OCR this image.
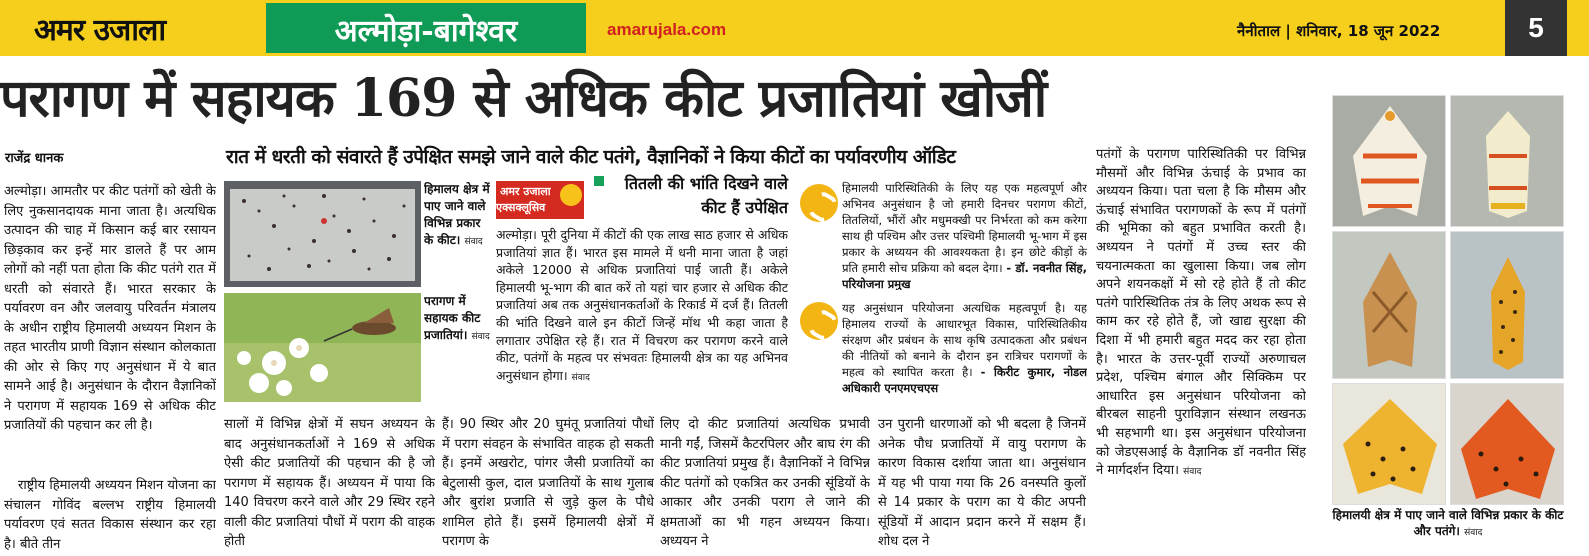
अमर उजाला	अल्मोड़ा-बागेश्वर	amarujala.com	नैनीताल | शनिवार, 18 जून 2022	5
परागण में सहायक 169 से अधिक कीट प्रजातियां खोजीं
राजेंद्र धानक	रात में धरती को संवारते हैं उपेक्षित समझे जाने वाले कीट पतंगे, वैज्ञानिकों ने किया कीटों का पर्यावरणीय ऑडिट
अल्मोड़ा। आमतौर पर कीट पतंगों को खेती के लिए नुकसानदायक माना जाता है। अत्यधिक उत्पादन की चाह में किसान कई बार रसायन छिड़काव कर इन्हें मार डालते हैं पर आम लोगों को नहीं पता होता कि कीट पतंगे रात में धरती को संवारते हैं। भारत सरकार के पर्यावरण वन और जलवायु परिवर्तन मंत्रालय के अधीन राष्ट्रीय हिमालयी अध्ययन मिशन के तहत भारतीय प्राणी विज्ञान संस्थान कोलकाता की ओर से किए गए अनुसंधान में ये बात सामने आई है। अनुसंधान के दौरान वैज्ञानिकों ने परागण में सहायक 169 से अधिक कीट प्रजातियों की पहचान कर ली है।
राष्ट्रीय हिमालयी अध्ययन मिशन योजना का संचालन गोविंद बल्लभ राष्ट्रीय हिमालयी पर्यावरण एवं सतत विकास संस्थान कर रहा है। बीते तीन
हिमालय क्षेत्र में पाए जाने वाले विभिन्न प्रकार के कीट। संवाद
परागण में सहायक कीट प्रजातियां। संवाद
अमर उजाला
एक्सक्लूसिव
तितली की भांति दिखने वाले कीट हैं उपेक्षित
अल्मोड़ा। पूरी दुनिया में कीटों की एक लाख साठ हजार से अधिक प्रजातियां ज्ञात हैं। भारत इस मामले में धनी माना जाता है जहां अकेले 12000 से अधिक प्रजातियां पाई जाती हैं। अकेले हिमालयी भू-भाग की बात करें तो यहां चार हजार से अधिक कीट प्रजातियां अब तक अनुसंधानकर्ताओं के रिकार्ड में दर्ज हैं। तितली की भांति दिखने वाले इन कीटों जिन्हें मॉथ भी कहा जाता है लगातार उपेक्षित रहे हैं। रात में विचरण कर परागण करने वाले कीट, पतंगों के महत्व पर संभवतः हिमालयी क्षेत्र का यह अभिनव अनुसंधान होगा। संवाद
हिमालयी पारिस्थितिकी के लिए यह एक महत्वपूर्ण और अभिनव अनुसंधान है जो हमारी दिनचर परागण कीटों, तितलियों, भौंरों और मधुमक्खी पर निर्भरता को कम करेगा साथ ही पश्चिम और उत्तर पश्चिमी हिमालयी भू-भाग में इस प्रकार के अध्ययन की आवश्यकता है। इन छोटे कीड़ों के प्रति हमारी सोच प्रक्रिया को बदल देगा। - डॉ. नवनीत सिंह, परियोजना प्रमुख
यह अनुसंधान परियोजना अत्यधिक महत्वपूर्ण है। यह हिमालय राज्यों के आधारभूत विकास, पारिस्थितिकीय संरक्षण और प्रबंधन के साथ कृषि उत्पादकता और प्रबंधन की नीतियों को बनाने के दौरान इन रात्रिचर परागणों के महत्व को स्थापित करता है। - किरीट कुमार, नोडल अधिकारी एनएमएचएस
सालों में विभिन्न क्षेत्रों में सघन अध्ययन के बाद अनुसंधानकर्ताओं ने 169 से अधिक ऐसी कीट प्रजातियों की पहचान की है जो परागण में सहायक हैं। अध्ययन में पाया कि 140 विचरण करने वाले और 29 स्थिर रहने वाली कीट प्रजातियां पौधों में पराग की वाहक होती
हैं। 90 स्थिर और 20 घुमंतू प्रजातियां पौधों में पराग संवहन के संभावित वाहक हो सकती हैं। इनमें अखरोट, पांगर जैसी प्रजातियों का बेटुलासी कुल, दाल प्रजातियों के साथ गुलाब और बुरांश प्रजाति से जुड़े कुल के पौधे शामिल होते हैं। इसमें हिमालयी क्षेत्रों में परागण के
लिए दो कीट प्रजातियां अत्यधिक प्रभावी मानी गईं, जिसमें कैटरपिलर और बाघ रंग की कीट प्रजातियां प्रमुख हैं। वैज्ञानिकों ने विभिन्न कीट पतंगों को एकत्रित कर उनकी सूंडियों के आकार और उनकी पराग ले जाने की क्षमताओं का भी गहन अध्ययन किया। अध्ययन ने
उन पुरानी धारणाओं को भी बदला है जिनमें अनेक पौध प्रजातियों में वायु परागण के कारण विकास दर्शाया जाता था। अनुसंधान में यह भी पाया गया कि 26 वनस्पति कुलों से 14 प्रकार के पराग का ये कीट अपनी सूंडियों में आदान प्रदान करने में सक्षम हैं। शोध दल ने
पतंगों के परागण पारिस्थितिकी पर विभिन्न मौसमों और विभिन्न ऊंचाई के प्रभाव का अध्ययन किया। पता चला है कि मौसम और ऊंचाई संभावित परागणकों के रूप में पतंगों की भूमिका को बहुत प्रभावित करती है। अध्ययन ने पतंगों में उच्च स्तर की चयनात्मकता का खुलासा किया। जब लोग अपने शयनकक्षों में सो रहे होते हैं तो कीट पतंगे पारिस्थितिक तंत्र के लिए अथक रूप से काम कर रहे होते हैं, जो खाद्य सुरक्षा की दिशा में भी हमारी बहुत मदद कर रहा होता है। भारत के उत्तर-पूर्वी राज्यों अरुणाचल प्रदेश, पश्चिम बंगाल और सिक्किम पर आधारित इस अनुसंधान परियोजना को बीरबल साहनी पुराविज्ञान संस्थान लखनऊ भी सहभागी था। इस अनुसंधान परियोजना को जेडएसआई के वैज्ञानिक डॉ नवनीत सिंह ने मार्गदर्शन दिया। संवाद
हिमालयी क्षेत्र में पाए जाने वाले विभिन्न प्रकार के कीट और पतंगे। संवाद
